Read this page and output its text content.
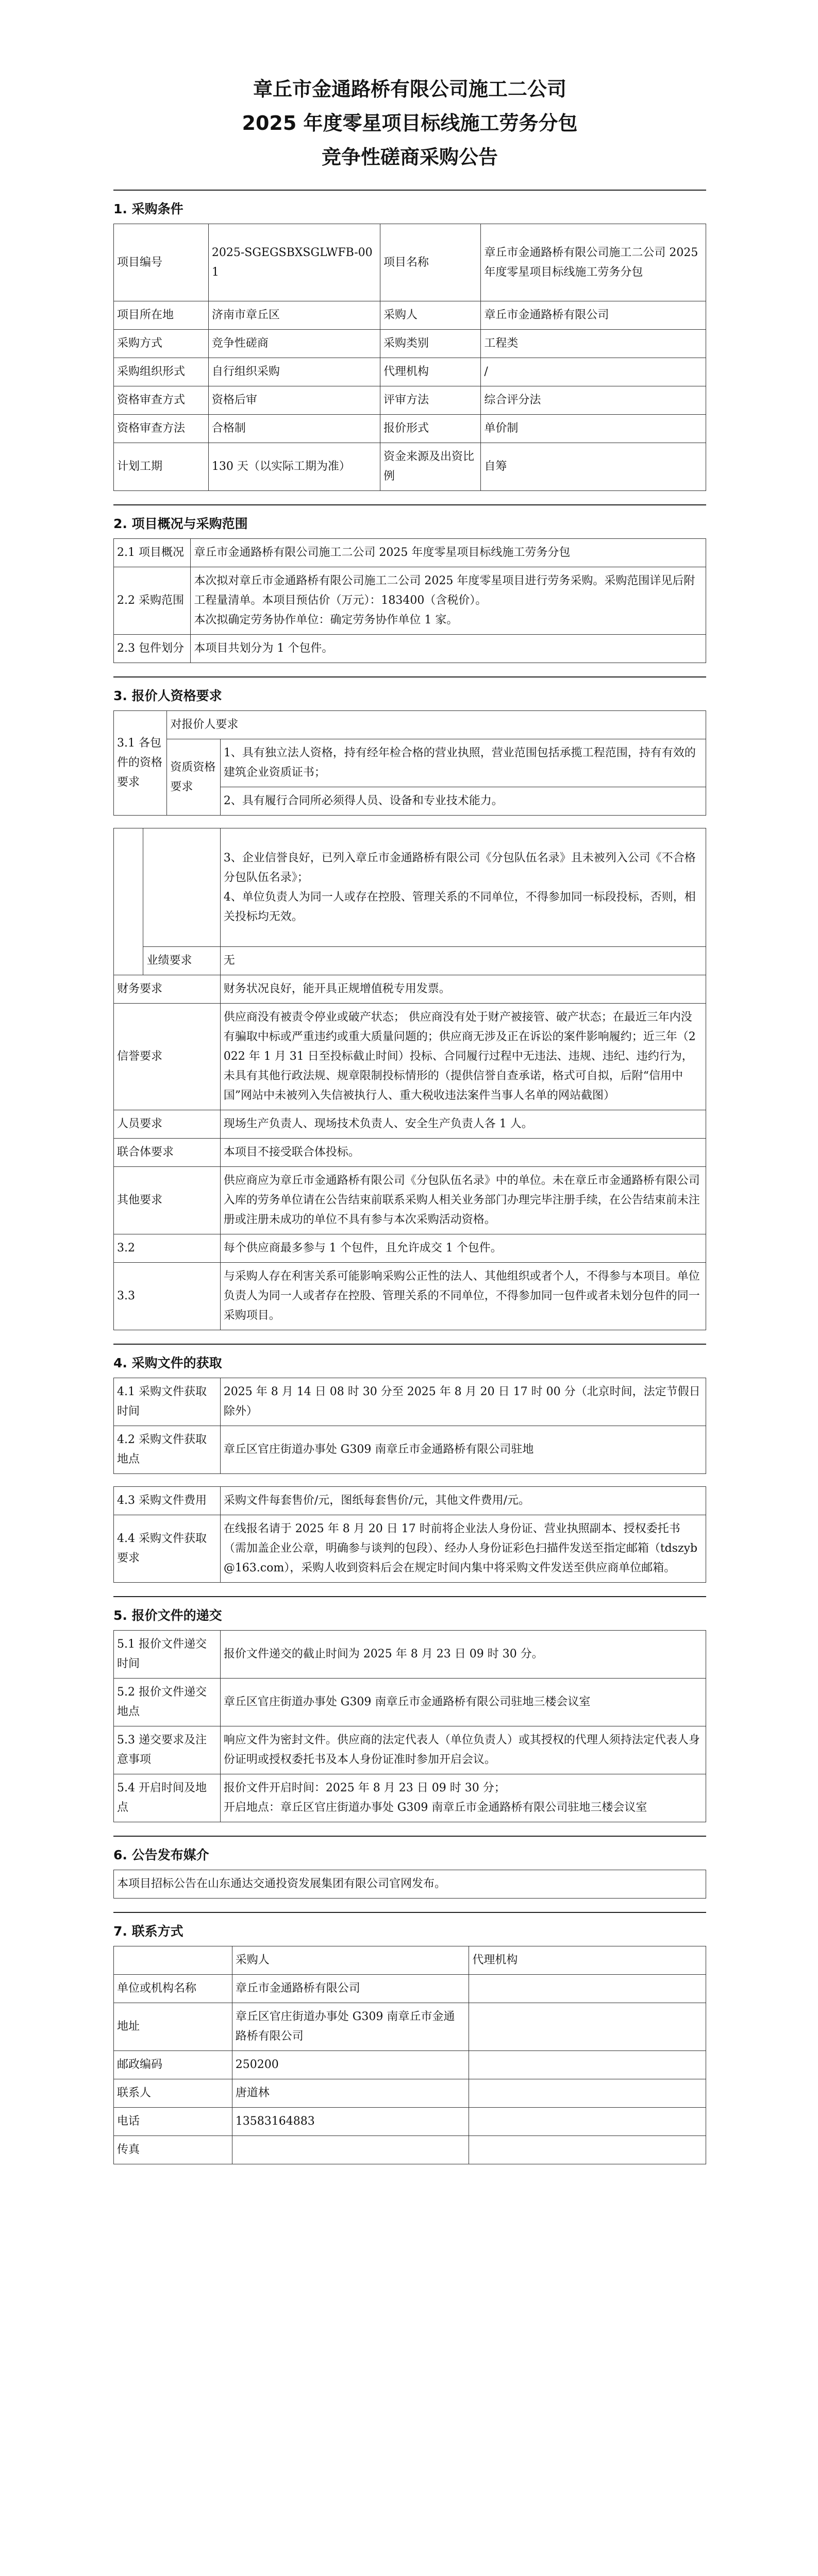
章丘市金通路桥有限公司施工二公司
2025 年度零星项目标线施工劳务分包
竞争性磋商采购公告
1. 采购条件
项目编号	2025-SGEGSBXSGLWFB-001	项目名称	章丘市金通路桥有限公司施工二公司 2025 年度零星项目标线施工劳务分包
项目所在地	济南市章丘区	采购人	章丘市金通路桥有限公司
采购方式	竞争性磋商	采购类别	工程类
采购组织形式	自行组织采购	代理机构	/
资格审查方式	资格后审	评审方法	综合评分法
资格审查方法	合格制	报价形式	单价制
计划工期	130 天（以实际工期为准）	资金来源及出资比例	自筹
2. 项目概况与采购范围
2.1 项目概况	章丘市金通路桥有限公司施工二公司 2025 年度零星项目标线施工劳务分包
2.2 采购范围	本次拟对章丘市金通路桥有限公司施工二公司 2025 年度零星项目进行劳务采购。采购范围详见后附工程量清单。本项目预估价（万元）：183400（含税价）。
本次拟确定劳务协作单位：确定劳务协作单位 1 家。

2.3 包件划分	本项目共划分为 1 个包件。
3. 报价人资格要求
3.1 各包件的资格要求	对报价人要求	
	资质资格要求	1、具有独立法人资格，持有经年检合格的营业执照，营业范围包括承揽工程范围，持有有效的建筑企业资质证书；
		2、具有履行合同所必须得人员、设备和专业技术能力。

		3、企业信誉良好，已列入章丘市金通路桥有限公司《分包队伍名录》且未被列入公司《不合格分包队伍名录》；
4、单位负责人为同一人或存在控股、管理关系的不同单位，不得参加同一标段投标，否则，相关投标均无效。

	业绩要求	无
财务要求		财务状况良好，能开具正规增值税专用发票。
信誉要求		供应商没有被责令停业或破产状态； 供应商没有处于财产被接管、破产状态；在最近三年内没有骗取中标或严重违约或重大质量问题的；供应商无涉及正在诉讼的案件影响履约；近三年（2022 年 1 月 31 日至投标截止时间）投标、合同履行过程中无违法、违规、违纪、违约行为，未具有其他行政法规、规章限制投标情形的（提供信誉自查承诺，格式可自拟，后附“信用中国”网站中未被列入失信被执行人、重大税收违法案件当事人名单的网站截图）
人员要求		现场生产负责人、现场技术负责人、安全生产负责人各 1 人。
联合体要求		本项目不接受联合体投标。
其他要求		供应商应为章丘市金通路桥有限公司《分包队伍名录》中的单位。未在章丘市金通路桥有限公司入库的劳务单位请在公告结束前联系采购人相关业务部门办理完毕注册手续，在公告结束前未注册或注册未成功的单位不具有参与本次采购活动资格。
3.2		每个供应商最多参与 1 个包件，且允许成交 1 个包件。
3.3		与采购人存在利害关系可能影响采购公正性的法人、其他组织或者个人，不得参与本项目。单位负责人为同一人或者存在控股、管理关系的不同单位，不得参加同一包件或者未划分包件的同一采购项目。
4. 采购文件的获取
4.1 采购文件获取时间	2025 年 8 月 14 日 08 时 30 分至 2025 年 8 月 20 日 17 时 00 分（北京时间，法定节假日除外）
4.2 采购文件获取地点	章丘区官庄街道办事处 G309 南章丘市金通路桥有限公司驻地
4.3 采购文件费用	采购文件每套售价/元，图纸每套售价/元，其他文件费用/元。
4.4 采购文件获取要求	在线报名请于 2025 年 8 月 20 日 17 时前将企业法人身份证、营业执照副本、授权委托书（需加盖企业公章，明确参与谈判的包段）、经办人身份证彩色扫描件发送至指定邮箱（tdszyb@163.com），采购人收到资料后会在规定时间内集中将采购文件发送至供应商单位邮箱。
5. 报价文件的递交
5.1 报价文件递交时间	报价文件递交的截止时间为 2025 年 8 月 23 日 09 时 30 分。
5.2 报价文件递交地点	章丘区官庄街道办事处 G309 南章丘市金通路桥有限公司驻地三楼会议室
5.3 递交要求及注意事项	响应文件为密封文件。供应商的法定代表人（单位负责人）或其授权的代理人须持法定代表人身份证明或授权委托书及本人身份证准时参加开启会议。
5.4 开启时间及地点	报价文件开启时间：2025 年 8 月 23 日 09 时 30 分；
开启地点：章丘区官庄街道办事处 G309 南章丘市金通路桥有限公司驻地三楼会议室
6. 公告发布媒介
本项目招标公告在山东通达交通投资发展集团有限公司官网发布。
7. 联系方式
	采购人	代理机构
单位或机构名称	章丘市金通路桥有限公司	
地址	章丘区官庄街道办事处 G309 南章丘市金通路桥有限公司	
邮政编码	250200	
联系人	唐道林	
电话	13583164883	
传真		
